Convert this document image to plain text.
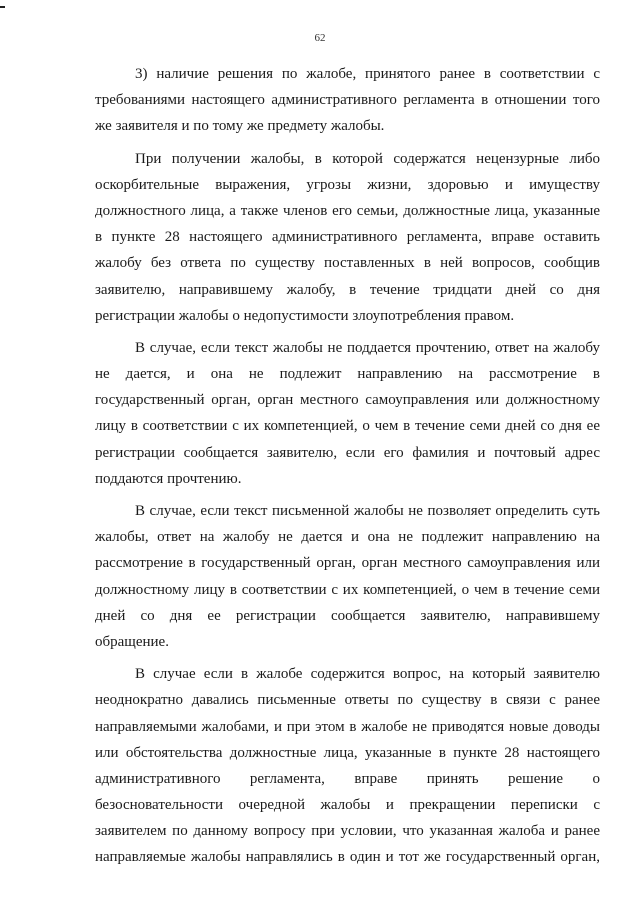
62
3) наличие решения по жалобе, принятого ранее в соответствии с
требованиями настоящего административного регламента в отношении того
же заявителя и по тому же предмету жалобы.
При получении жалобы, в которой содержатся нецензурные либо
оскорбительные выражения, угрозы жизни, здоровью и имуществу
должностного лица, а также членов его семьи, должностные лица, указанные
в пункте 28 настоящего административного регламента, вправе оставить
жалобу без ответа по существу поставленных в ней вопросов, сообщив
заявителю, направившему жалобу, в течение тридцати дней со дня
регистрации жалобы о недопустимости злоупотребления правом.
В случае, если текст жалобы не поддается прочтению, ответ на жалобу
не дается, и она не подлежит направлению на рассмотрение в
государственный орган, орган местного самоуправления или должностному
лицу в соответствии с их компетенцией, о чем в течение семи дней со дня ее
регистрации сообщается заявителю, если его фамилия и почтовый адрес
поддаются прочтению.
В случае, если текст письменной жалобы не позволяет определить суть
жалобы, ответ на жалобу не дается и она не подлежит направлению на
рассмотрение в государственный орган, орган местного самоуправления или
должностному лицу в соответствии с их компетенцией, о чем в течение семи
дней со дня ее регистрации сообщается заявителю, направившему
обращение.
В случае если в жалобе содержится вопрос, на который заявителю
неоднократно давались письменные ответы по существу в связи с ранее
направляемыми жалобами, и при этом в жалобе не приводятся новые доводы
или обстоятельства должностные лица, указанные в пункте 28 настоящего
административного регламента, вправе принять решение о
безосновательности очередной жалобы и прекращении переписки с
заявителем по данному вопросу при условии, что указанная жалоба и ранее
направляемые жалобы направлялись в один и тот же государственный орган,
